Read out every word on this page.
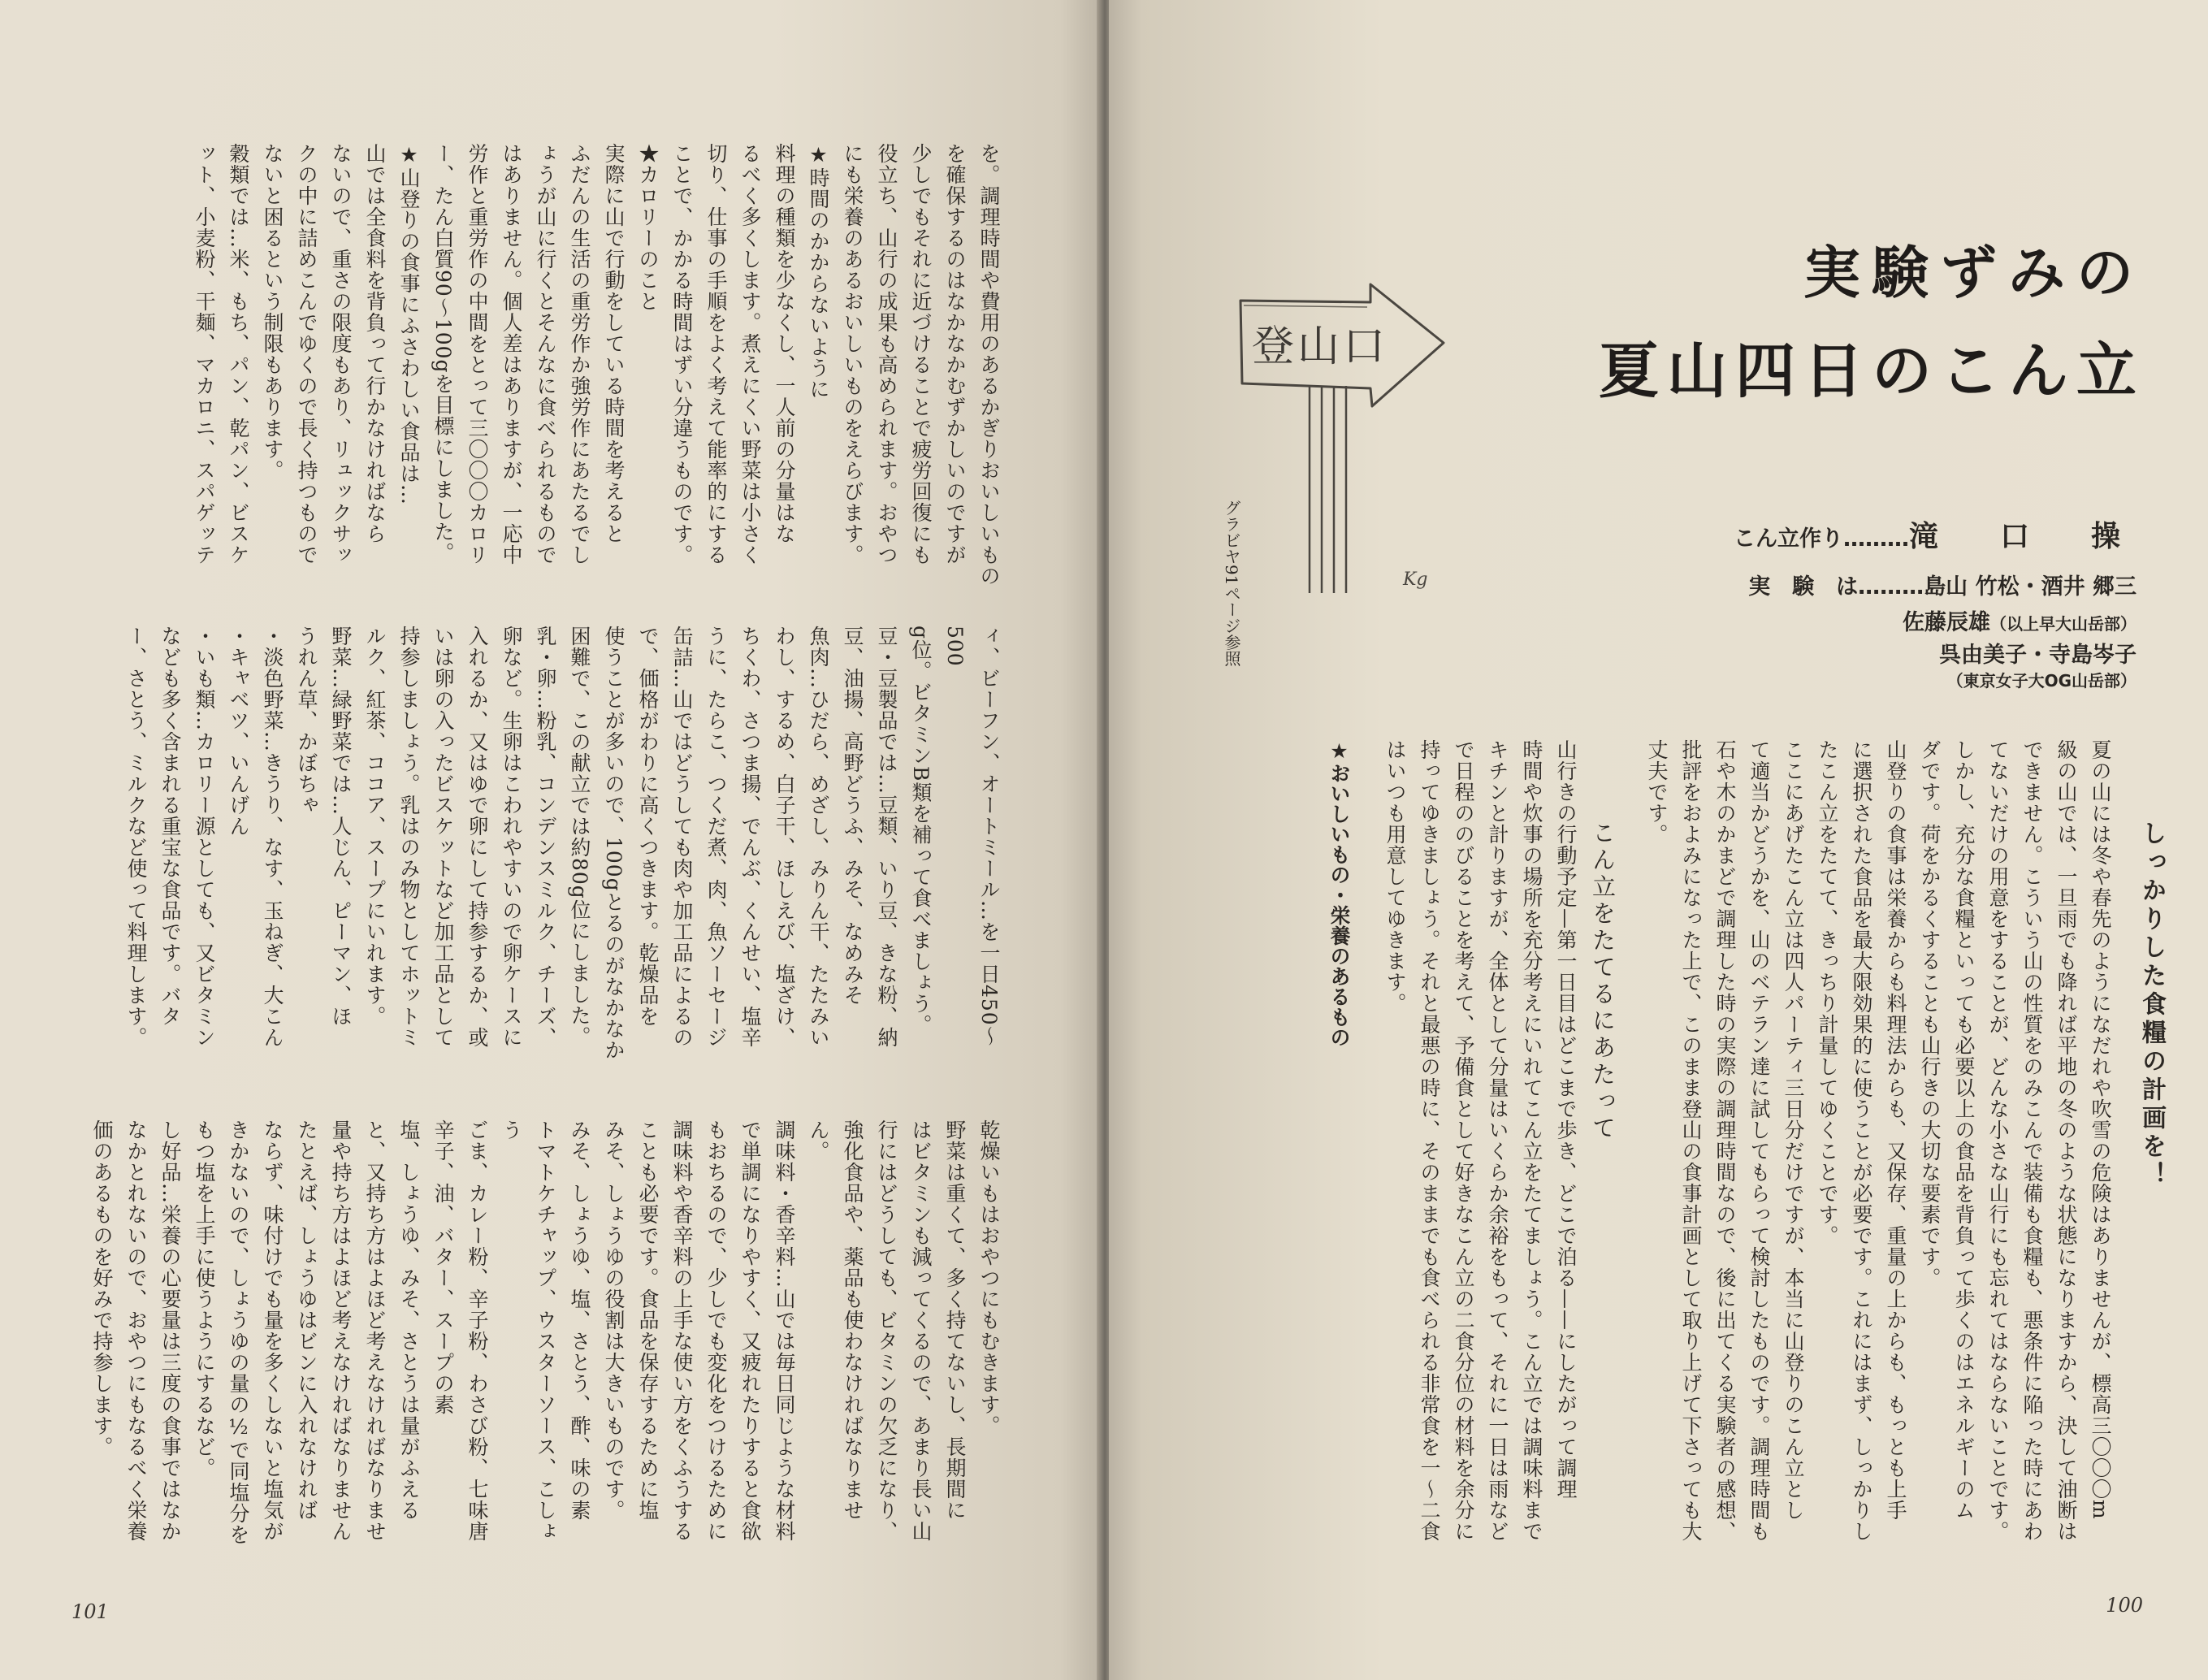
を。調理時間や費用のあるかぎりおいしいもの
を確保するのはなかなかむずかしいのですが
少しでもそれに近づけることで疲労回復にも
役立ち、山行の成果も高められます。おやつ
にも栄養のあるおいしいものをえらびます。
★時間のかからないように
料理の種類を少なくし、一人前の分量はな
るべく多くします。煮えにくい野菜は小さく
切り、仕事の手順をよく考えて能率的にする
ことで、かかる時間はずい分違うものです。
★カロリーのこと
実際に山で行動をしている時間を考えると
ふだんの生活の重労作か強労作にあたるでし
ょうが山に行くとそんなに食べられるもので
はありません。個人差はありますが、一応中
労作と重労作の中間をとって三〇〇〇カロリ
ー、たん白質90〜100gを目標にしました。
★山登りの食事にふさわしい食品は…
山では全食料を背負って行かなければなら
ないので、重さの限度もあり、リュックサッ
クの中に詰めこんでゆくので長く持つもので
ないと困るという制限もあります。
穀類では…米、もち、パン、乾パン、ビスケ
ット、小麦粉、干麺、マカロニ、スパゲッテ
ィ、ビーフン、オートミール…を一日450〜500
g位。ビタミンB類を補って食べましょう。
豆・豆製品では…豆類、いり豆、きな粉、納
豆、油揚、高野どうふ、みそ、なめみそ
魚肉…ひだら、めざし、みりん干、たたみい
わし、するめ、白子干、ほしえび、塩ざけ、
ちくわ、さつま揚、でんぶ、くんせい、塩辛
うに、たらこ、つくだ煮、肉、魚ソーセージ
缶詰…山ではどうしても肉や加工品によるの
で、価格がわりに高くつきます。乾燥品を
使うことが多いので、100gとるのがなかなか
困難で、この献立では約80g位にしました。
乳・卵…粉乳、コンデンスミルク、チーズ、
卵など。生卵はこわれやすいので卵ケースに
入れるか、又はゆで卵にして持参するか、或
いは卵の入ったビスケットなど加工品として
持参しましょう。乳はのみ物としてホットミ
ルク、紅茶、ココア、スープにいれます。
野菜…緑野菜では…人じん、ピーマン、ほ
うれん草、かぼちゃ
・淡色野菜…きうり、なす、玉ねぎ、大こん
・キャベツ、いんげん
・いも類…カロリー源としても、又ビタミン
なども多く含まれる重宝な食品です。バタ
ー、さとう、ミルクなど使って料理します。
乾燥いもはおやつにもむきます。
野菜は重くて、多く持てないし、長期間に
はビタミンも減ってくるので、あまり長い山
行にはどうしても、ビタミンの欠乏になり、
強化食品や、薬品も使わなければなりません。
調味料・香辛料…山では毎日同じような材料
で単調になりやすく、又疲れたりすると食欲
もおちるので、少しでも変化をつけるために
調味料や香辛料の上手な使い方をくふうする
ことも必要です。食品を保存するために塩
みそ、しょうゆの役割は大きいものです。
みそ、しょうゆ、塩、さとう、酢、味の素
トマトケチャップ、ウスターソース、こしょう
ごま、カレー粉、辛子粉、わさび粉、七味唐
辛子、油、バター、スープの素
塩、しょうゆ、みそ、さとうは量がふえる
と、又持ち方はよほど考えなければなりませ
量や持ち方はよほど考えなければなりません
たとえば、しょうゆはビンに入れなければ
ならず、味付けでも量を多くしないと塩気が
きかないので、しょうゆの量の½で同塩分を
もつ塩を上手に使うようにするなど。
し好品…栄養の心要量は三度の食事ではなか
なかとれないので、おやつにもなるべく栄養
価のあるものを好みで持参します。
101
実験ずみの
夏山四日のこん立
登山口
Kg
グラビヤ91ページ参照	こん立作り………滝　口　操
実　験　は………島山 竹松・酒井 郷三
佐藤辰雄（以上早大山岳部）
呉由美子・寺島岑子
（東京女子大OG山岳部）
しっかりした食糧の計画を！
夏の山には冬や春先のようになだれや吹雪の危険はありませんが、標高三〇〇〇m
級の山では、一旦雨でも降れば平地の冬のような状態になりますから、決して油断は
できません。こういう山の性質をのみこんで装備も食糧も、悪条件に陥った時にあわ
てないだけの用意をすることが、どんな小さな山行にも忘れてはならないことです。
しかし、充分な食糧といっても必要以上の食品を背負って歩くのはエネルギーのム
ダです。荷をかるくすることも山行きの大切な要素です。
山登りの食事は栄養からも料理法からも、又保存、重量の上からも、もっとも上手
に選択された食品を最大限効果的に使うことが必要です。これにはまず、しっかりし
たこん立をたてて、きっちり計量してゆくことです。
ここにあげたこん立は四人パーティ三日分だけですが、本当に山登りのこん立とし
て適当かどうかを、山のベテラン達に試してもらって検討したものです。調理時間も
石や木のかまどで調理した時の実際の調理時間なので、後に出てくる実験者の感想、
批評をおよみになった上で、このまま登山の食事計画として取り上げて下さっても大
丈夫です。
こん立をたてるにあたって
山行きの行動予定—第一日目はどこまで歩き、どこで泊る——にしたがって調理
時間や炊事の場所を充分考えにいれてこん立をたてましょう。こん立では調味料まで
キチンと計りますが、全体として分量はいくらか余裕をもって、それに一日は雨など
で日程ののびることを考えて、予備食として好きなこん立の二食分位の材料を余分に
持ってゆきましょう。それと最悪の時に、そのままでも食べられる非常食を一〜二食
はいつも用意してゆきます。
★おいしいもの・栄養のあるもの
100
